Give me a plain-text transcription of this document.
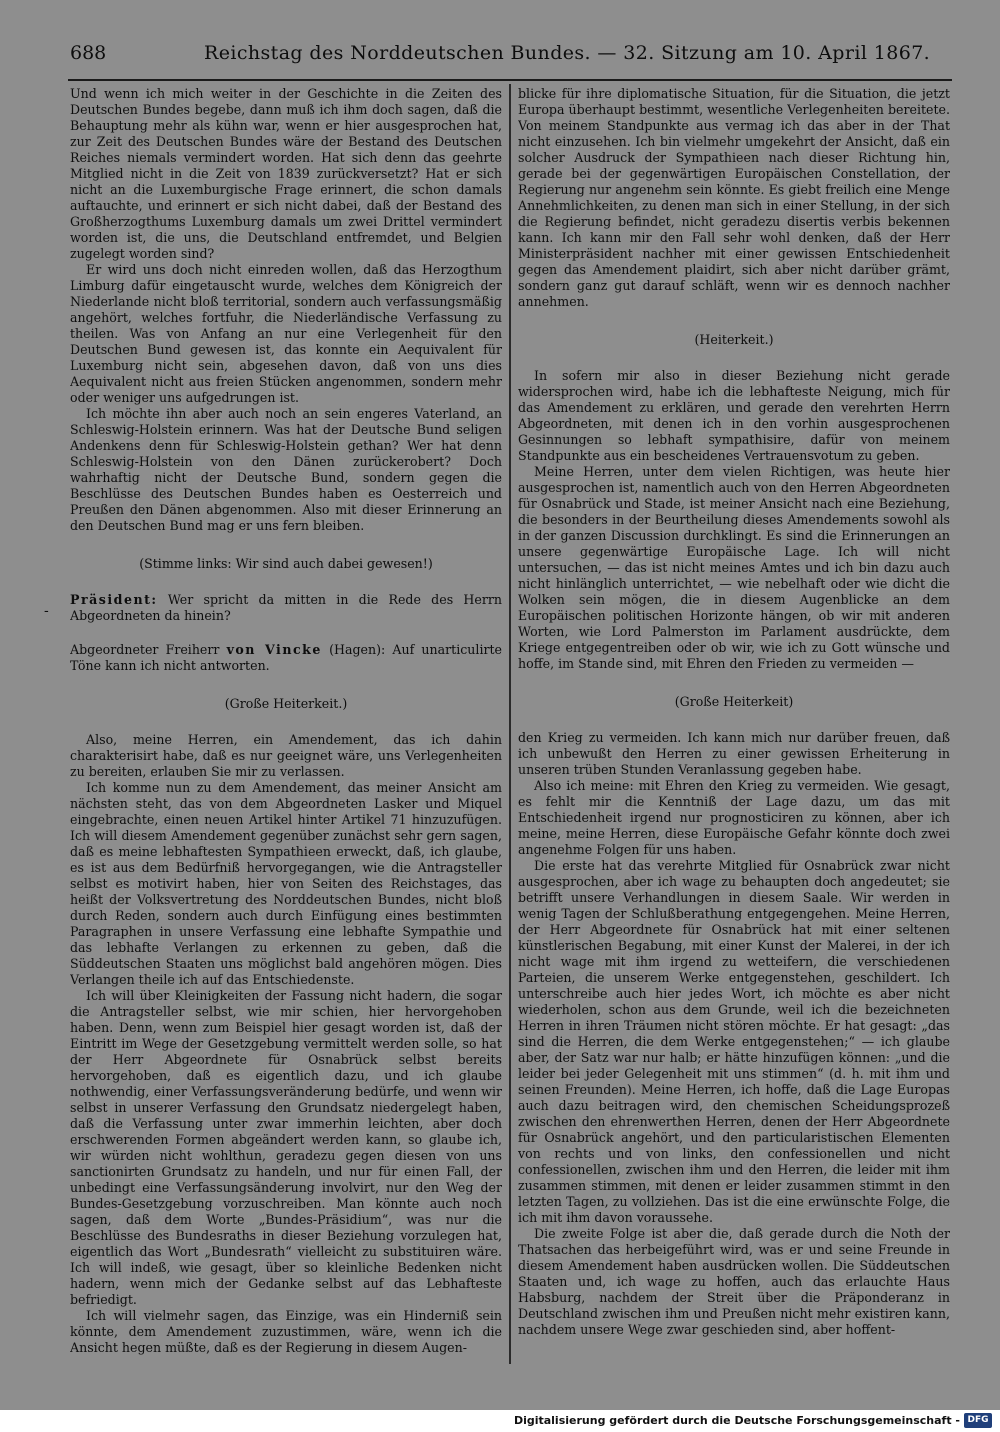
688	Reichstag des Norddeutschen Bundes. — 32. Sitzung am 10. April 1867.
-

Und wenn ich mich weiter in der Geschichte in die Zeiten des Deutschen Bundes begebe, dann muß ich ihm doch sagen, daß die Behauptung mehr als kühn war, wenn er hier ausgesprochen hat, zur Zeit des Deutschen Bundes wäre der Bestand des Deutschen Reiches niemals vermindert worden. Hat sich denn das geehrte Mitglied nicht in die Zeit von 1839 zurückversetzt? Hat er sich nicht an die Luxemburgische Frage erinnert, die schon damals auftauchte, und erinnert er sich nicht dabei, daß der Bestand des Großherzogthums Luxemburg damals um zwei Drittel vermindert worden ist, die uns, die Deutschland entfremdet, und Belgien zugelegt worden sind?

Er wird uns doch nicht einreden wollen, daß das Herzogthum Limburg dafür eingetauscht wurde, welches dem Königreich der Niederlande nicht bloß territorial, sondern auch verfassungsmäßig angehört, welches fortfuhr, die Niederländische Verfassung zu theilen. Was von Anfang an nur eine Verlegenheit für den Deutschen Bund gewesen ist, das konnte ein Aequivalent für Luxemburg nicht sein, abgesehen davon, daß von uns dies Aequivalent nicht aus freien Stücken angenommen, sondern mehr oder weniger uns aufgedrungen ist.

Ich möchte ihn aber auch noch an sein engeres Vaterland, an Schleswig-Holstein erinnern. Was hat der Deutsche Bund seligen Andenkens denn für Schleswig-Holstein gethan? Wer hat denn Schleswig-Holstein von den Dänen zurückerobert? Doch wahrhaftig nicht der Deutsche Bund, sondern gegen die Beschlüsse des Deutschen Bundes haben es Oesterreich und Preußen den Dänen abgenommen. Also mit dieser Erinnerung an den Deutschen Bund mag er uns fern bleiben.

(Stimme links: Wir sind auch dabei gewesen!)

Präsident: Wer spricht da mitten in die Rede des Herrn Abgeordneten da hinein?

Abgeordneter Freiherr von Vincke (Hagen): Auf unarticulirte Töne kann ich nicht antworten.

(Große Heiterkeit.)

Also, meine Herren, ein Amendement, das ich dahin charakterisirt habe, daß es nur geeignet wäre, uns Verlegenheiten zu bereiten, erlauben Sie mir zu verlassen.

Ich komme nun zu dem Amendement, das meiner Ansicht am nächsten steht, das von dem Abgeordneten Lasker und Miquel eingebrachte, einen neuen Artikel hinter Artikel 71 hinzuzufügen. Ich will diesem Amendement gegenüber zunächst sehr gern sagen, daß es meine lebhaftesten Sympathieen erweckt, daß, ich glaube, es ist aus dem Bedürfniß hervorgegangen, wie die Antragsteller selbst es motivirt haben, hier von Seiten des Reichstages, das heißt der Volksvertretung des Norddeutschen Bundes, nicht bloß durch Reden, sondern auch durch Einfügung eines bestimmten Paragraphen in unsere Verfassung eine lebhafte Sympathie und das lebhafte Verlangen zu erkennen zu geben, daß die Süddeutschen Staaten uns möglichst bald angehören mögen. Dies Verlangen theile ich auf das Entschiedenste.

Ich will über Kleinigkeiten der Fassung nicht hadern, die sogar die Antragsteller selbst, wie mir schien, hier hervorgehoben haben. Denn, wenn zum Beispiel hier gesagt worden ist, daß der Eintritt im Wege der Gesetzgebung vermittelt werden solle, so hat der Herr Abgeordnete für Osnabrück selbst bereits hervorgehoben, daß es eigentlich dazu, und ich glaube nothwendig, einer Verfassungsveränderung bedürfe, und wenn wir selbst in unserer Verfassung den Grundsatz niedergelegt haben, daß die Verfassung unter zwar immerhin leichten, aber doch erschwerenden Formen abgeändert werden kann, so glaube ich, wir würden nicht wohlthun, geradezu gegen diesen von uns sanctionirten Grundsatz zu handeln, und nur für einen Fall, der unbedingt eine Verfassungsänderung involvirt, nur den Weg der Bundes-Gesetzgebung vorzuschreiben. Man könnte auch noch sagen, daß dem Worte „Bundes-Präsidium“, was nur die Beschlüsse des Bundesraths in dieser Beziehung vorzulegen hat, eigentlich das Wort „Bundesrath“ vielleicht zu substituiren wäre. Ich will indeß, wie gesagt, über so kleinliche Bedenken nicht hadern, wenn mich der Gedanke selbst auf das Lebhafteste befriedigt.

Ich will vielmehr sagen, das Einzige, was ein Hinderniß sein könnte, dem Amendement zuzustimmen, wäre, wenn ich die Ansicht hegen müßte, daß es der Regierung in diesem Augen-

blicke für ihre diplomatische Situation, für die Situation, die jetzt Europa überhaupt bestimmt, wesentliche Verlegenheiten bereitete. Von meinem Standpunkte aus vermag ich das aber in der That nicht einzusehen. Ich bin vielmehr umgekehrt der Ansicht, daß ein solcher Ausdruck der Sympathieen nach dieser Richtung hin, gerade bei der gegenwärtigen Europäischen Constellation, der Regierung nur angenehm sein könnte. Es giebt freilich eine Menge Annehmlichkeiten, zu denen man sich in einer Stellung, in der sich die Regierung befindet, nicht geradezu disertis verbis bekennen kann. Ich kann mir den Fall sehr wohl denken, daß der Herr Ministerpräsident nachher mit einer gewissen Entschiedenheit gegen das Amendement plaidirt, sich aber nicht darüber grämt, sondern ganz gut darauf schläft, wenn wir es dennoch nachher annehmen.

(Heiterkeit.)

In sofern mir also in dieser Beziehung nicht gerade widersprochen wird, habe ich die lebhafteste Neigung, mich für das Amendement zu erklären, und gerade den verehrten Herrn Abgeordneten, mit denen ich in den vorhin ausgesprochenen Gesinnungen so lebhaft sympathisire, dafür von meinem Standpunkte aus ein bescheidenes Vertrauensvotum zu geben.

Meine Herren, unter dem vielen Richtigen, was heute hier ausgesprochen ist, namentlich auch von den Herren Abgeordneten für Osnabrück und Stade, ist meiner Ansicht nach eine Beziehung, die besonders in der Beurtheilung dieses Amendements sowohl als in der ganzen Discussion durchklingt. Es sind die Erinnerungen an unsere gegenwärtige Europäische Lage. Ich will nicht untersuchen, — das ist nicht meines Amtes und ich bin dazu auch nicht hinlänglich unterrichtet, — wie nebelhaft oder wie dicht die Wolken sein mögen, die in diesem Augenblicke an dem Europäischen politischen Horizonte hängen, ob wir mit anderen Worten, wie Lord Palmerston im Parlament ausdrückte, dem Kriege entgegentreiben oder ob wir, wie ich zu Gott wünsche und hoffe, im Stande sind, mit Ehren den Frieden zu vermeiden —

(Große Heiterkeit)

den Krieg zu vermeiden. Ich kann mich nur darüber freuen, daß ich unbewußt den Herren zu einer gewissen Erheiterung in unseren trüben Stunden Veranlassung gegeben habe.

Also ich meine: mit Ehren den Krieg zu vermeiden. Wie gesagt, es fehlt mir die Kenntniß der Lage dazu, um das mit Entschiedenheit irgend nur prognosticiren zu können, aber ich meine, meine Herren, diese Europäische Gefahr könnte doch zwei angenehme Folgen für uns haben.

Die erste hat das verehrte Mitglied für Osnabrück zwar nicht ausgesprochen, aber ich wage zu behaupten doch angedeutet; sie betrifft unsere Verhandlungen in diesem Saale. Wir werden in wenig Tagen der Schlußberathung entgegengehen. Meine Herren, der Herr Abgeordnete für Osnabrück hat mit einer seltenen künstlerischen Begabung, mit einer Kunst der Malerei, in der ich nicht wage mit ihm irgend zu wetteifern, die verschiedenen Parteien, die unserem Werke entgegenstehen, geschildert. Ich unterschreibe auch hier jedes Wort, ich möchte es aber nicht wiederholen, schon aus dem Grunde, weil ich die bezeichneten Herren in ihren Träumen nicht stören möchte. Er hat gesagt: „das sind die Herren, die dem Werke entgegenstehen;“ — ich glaube aber, der Satz war nur halb; er hätte hinzufügen können: „und die leider bei jeder Gelegenheit mit uns stimmen“ (d. h. mit ihm und seinen Freunden). Meine Herren, ich hoffe, daß die Lage Europas auch dazu beitragen wird, den chemischen Scheidungsprozeß zwischen den ehrenwerthen Herren, denen der Herr Abgeordnete für Osnabrück angehört, und den particularistischen Elementen von rechts und von links, den confessionellen und nicht confessionellen, zwischen ihm und den Herren, die leider mit ihm zusammen stimmen, mit denen er leider zusammen stimmt in den letzten Tagen, zu vollziehen. Das ist die eine erwünschte Folge, die ich mit ihm davon voraussehe.

Die zweite Folge ist aber die, daß gerade durch die Noth der Thatsachen das herbeigeführt wird, was er und seine Freunde in diesem Amendement haben ausdrücken wollen. Die Süddeutschen Staaten und, ich wage zu hoffen, auch das erlauchte Haus Habsburg, nachdem der Streit über die Präponderanz in Deutschland zwischen ihm und Preußen nicht mehr existiren kann, nachdem unsere Wege zwar geschieden sind, aber hoffent-

Digitalisierung gefördert durch die Deutsche Forschungsgemeinschaft - DFG
